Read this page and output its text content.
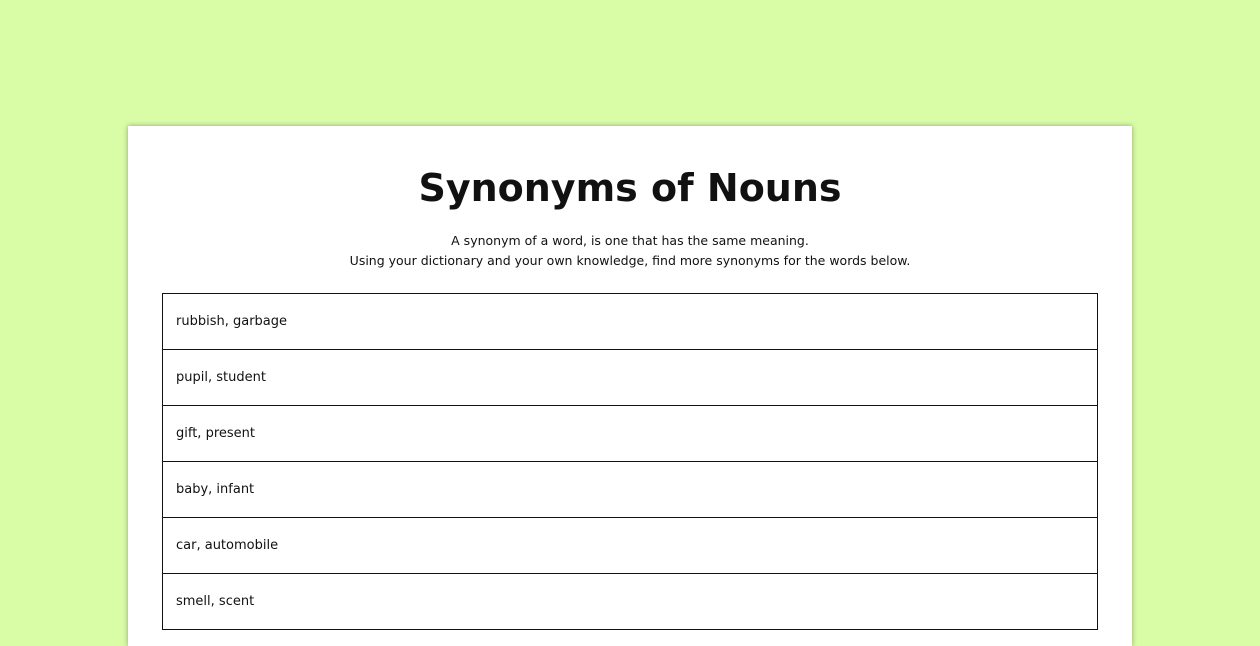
Synonyms of Nouns
A synonym of a word, is one that has the same meaning.
Using your dictionary and your own knowledge, find more synonyms for the words below.
rubbish, garbage
pupil, student
gift, present
baby, infant
car, automobile
smell, scent
